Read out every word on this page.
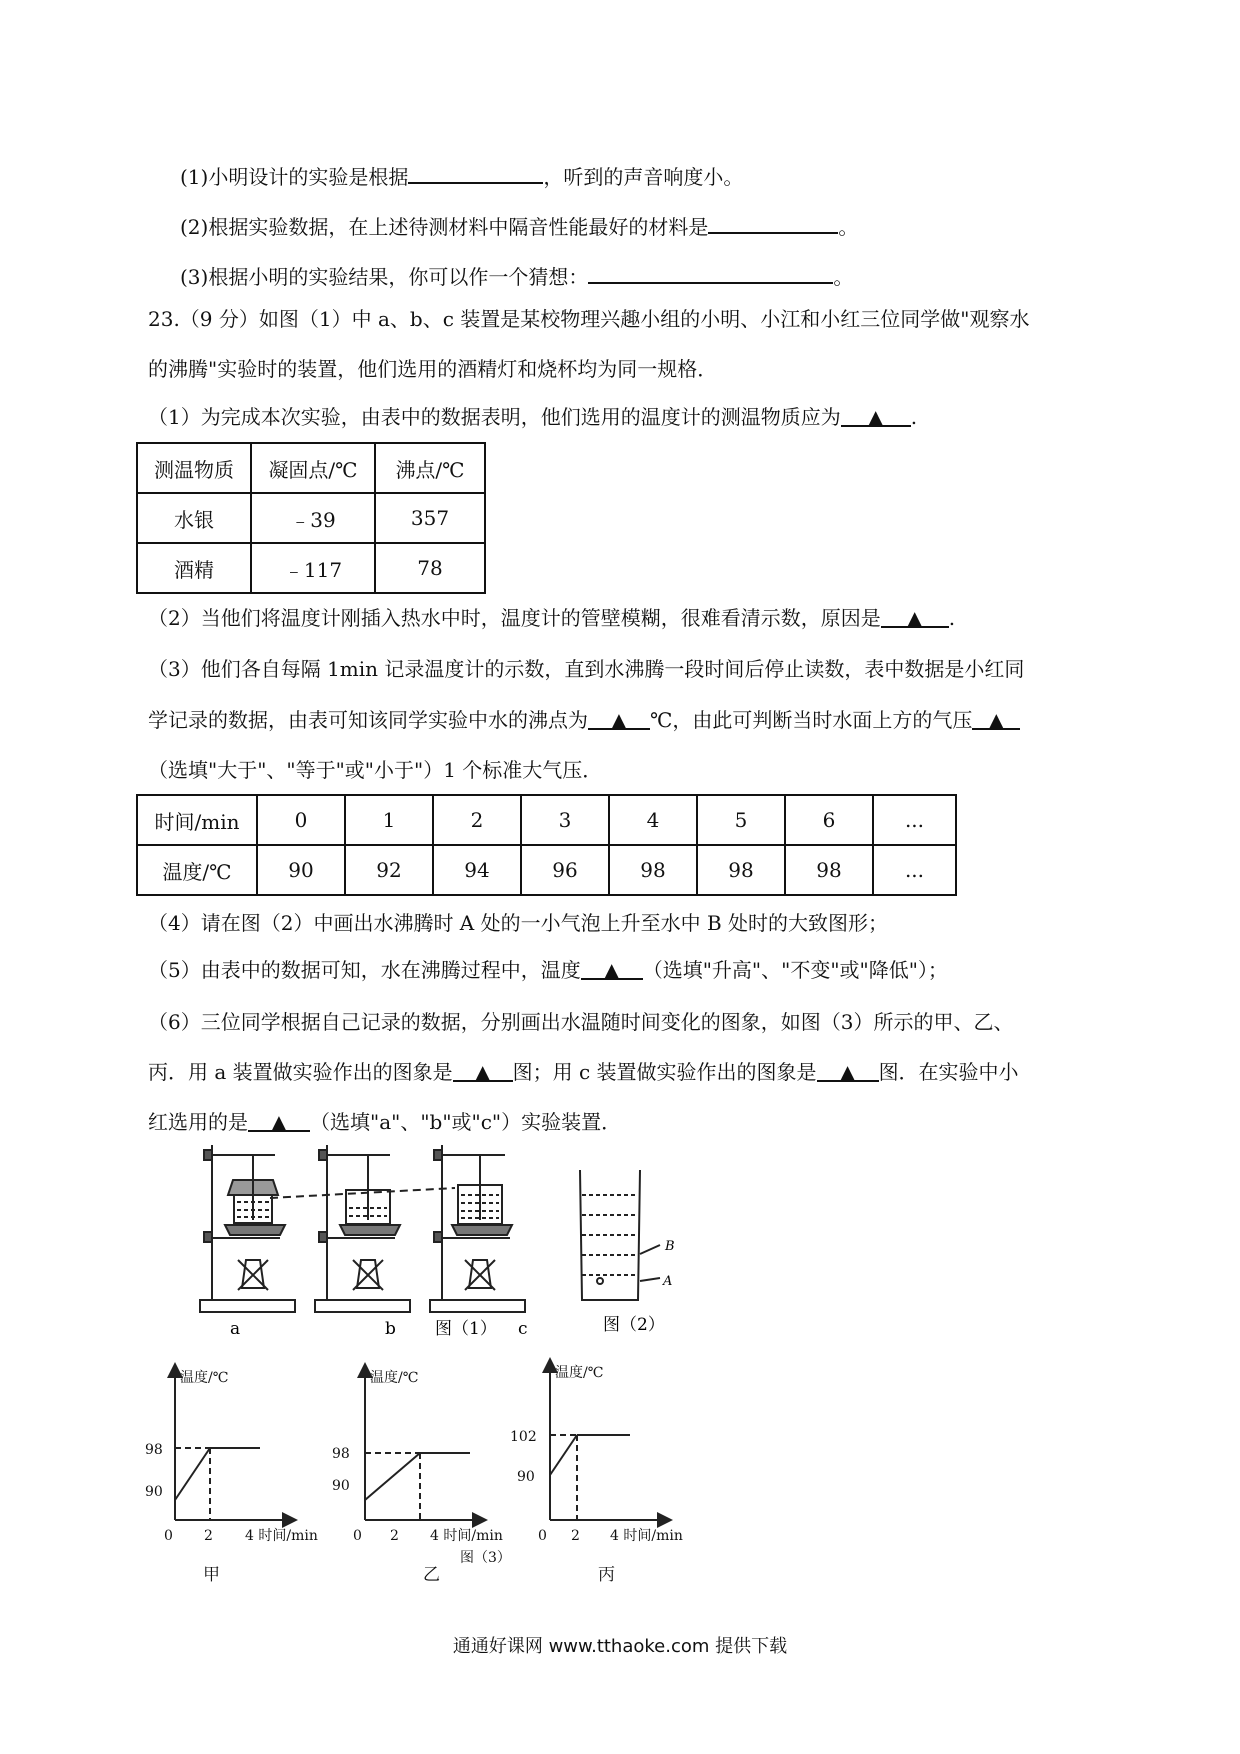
(1)小明设计的实验是根据	，听到的声音响度小。
(2)根据实验数据，在上述待测材料中隔音性能最好的材料是	。
(3)根据小明的实验结果，你可以作一个猜想：	。
23.（9 分）如图（1）中 a、b、c 装置是某校物理兴趣小组的小明、小江和小红三位同学做"观察水
的沸腾"实验时的装置，他们选用的酒精灯和烧杯均为同一规格．
（1）为完成本次实验，由表中的数据表明，他们选用的温度计的测温物质应为 ▲ .
测温物质	凝固点/℃	沸点/℃
水银	﹣39	357
酒精	﹣117	78
（2）当他们将温度计刚插入热水中时，温度计的管壁模糊，很难看清示数，原因是 ▲ .
（3）他们各自每隔 1min 记录温度计的示数，直到水沸腾一段时间后停止读数，表中数据是小红同
学记录的数据，由表可知该同学实验中水的沸点为 ▲ ℃，由此可判断当时水面上方的气压 ▲
（选填"大于"、"等于"或"小于"）1 个标准大气压．
时间/min	0	1	2	3	4	5	6	...
温度/℃	90	92	94	96	98	98	98	...
（4）请在图（2）中画出水沸腾时 A 处的一小气泡上升至水中 B 处时的大致图形；
（5）由表中的数据可知，水在沸腾过程中，温度 ▲ （选填"升高"、"不变"或"降低"）；
（6）三位同学根据自己记录的数据，分别画出水温随时间变化的图象，如图（3）所示的甲、乙、
丙．用 a 装置做实验作出的图象是 ▲ 图；用 c 装置做实验作出的图象是 ▲ 图．在实验中小
红选用的是 ▲ （选填"a"、"b"或"c"）实验装置．
B
A
a	b 图（1） c	图（2）
温度/℃
98
90
0 2 4 时间/min
甲
温度/℃
98
90
0 2 4 时间/min
乙
温度/℃
102
90
0 2 4 时间/min
图（3）
丙
通通好课网 www.tthaoke.com 提供下载
